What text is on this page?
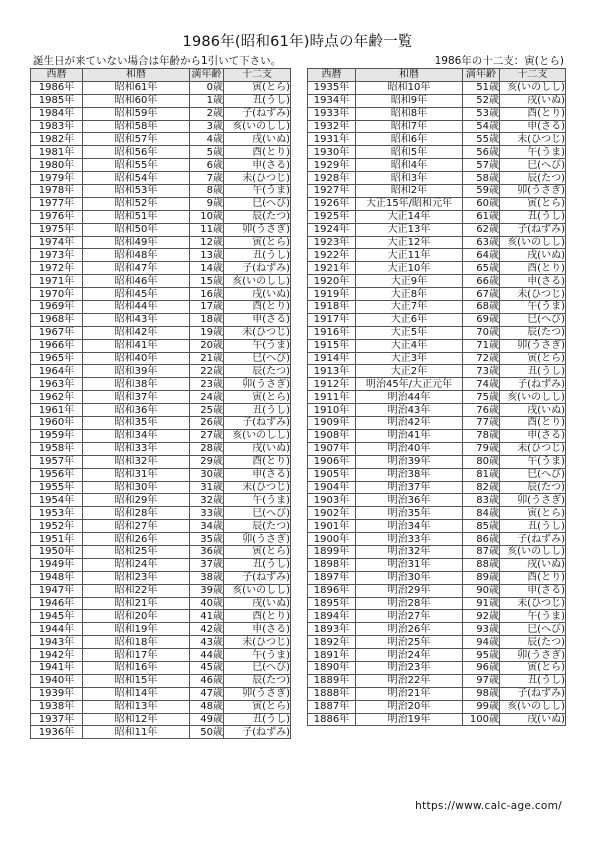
1986年(昭和61年)時点の年齢一覧
誕生日が来ていない場合は年齢から1引いて下さい。	1986年の十二支：寅(とら)
西暦	和暦	満年齢	十二支
1986年	昭和61年	0歳	寅(とら)
1985年	昭和60年	1歳	丑(うし)
1984年	昭和59年	2歳	子(ねずみ)
1983年	昭和58年	3歳	亥(いのしし)
1982年	昭和57年	4歳	戌(いぬ)
1981年	昭和56年	5歳	酉(とり)
1980年	昭和55年	6歳	申(さる)
1979年	昭和54年	7歳	未(ひつじ)
1978年	昭和53年	8歳	午(うま)
1977年	昭和52年	9歳	巳(へび)
1976年	昭和51年	10歳	辰(たつ)
1975年	昭和50年	11歳	卯(うさぎ)
1974年	昭和49年	12歳	寅(とら)
1973年	昭和48年	13歳	丑(うし)
1972年	昭和47年	14歳	子(ねずみ)
1971年	昭和46年	15歳	亥(いのしし)
1970年	昭和45年	16歳	戌(いぬ)
1969年	昭和44年	17歳	酉(とり)
1968年	昭和43年	18歳	申(さる)
1967年	昭和42年	19歳	未(ひつじ)
1966年	昭和41年	20歳	午(うま)
1965年	昭和40年	21歳	巳(へび)
1964年	昭和39年	22歳	辰(たつ)
1963年	昭和38年	23歳	卯(うさぎ)
1962年	昭和37年	24歳	寅(とら)
1961年	昭和36年	25歳	丑(うし)
1960年	昭和35年	26歳	子(ねずみ)
1959年	昭和34年	27歳	亥(いのしし)
1958年	昭和33年	28歳	戌(いぬ)
1957年	昭和32年	29歳	酉(とり)
1956年	昭和31年	30歳	申(さる)
1955年	昭和30年	31歳	未(ひつじ)
1954年	昭和29年	32歳	午(うま)
1953年	昭和28年	33歳	巳(へび)
1952年	昭和27年	34歳	辰(たつ)
1951年	昭和26年	35歳	卯(うさぎ)
1950年	昭和25年	36歳	寅(とら)
1949年	昭和24年	37歳	丑(うし)
1948年	昭和23年	38歳	子(ねずみ)
1947年	昭和22年	39歳	亥(いのしし)
1946年	昭和21年	40歳	戌(いぬ)
1945年	昭和20年	41歳	酉(とり)
1944年	昭和19年	42歳	申(さる)
1943年	昭和18年	43歳	未(ひつじ)
1942年	昭和17年	44歳	午(うま)
1941年	昭和16年	45歳	巳(へび)
1940年	昭和15年	46歳	辰(たつ)
1939年	昭和14年	47歳	卯(うさぎ)
1938年	昭和13年	48歳	寅(とら)
1937年	昭和12年	49歳	丑(うし)
1936年	昭和11年	50歳	子(ねずみ)
西暦	和暦	満年齢	十二支
1935年	昭和10年	51歳	亥(いのしし)
1934年	昭和9年	52歳	戌(いぬ)
1933年	昭和8年	53歳	酉(とり)
1932年	昭和7年	54歳	申(さる)
1931年	昭和6年	55歳	未(ひつじ)
1930年	昭和5年	56歳	午(うま)
1929年	昭和4年	57歳	巳(へび)
1928年	昭和3年	58歳	辰(たつ)
1927年	昭和2年	59歳	卯(うさぎ)
1926年	大正15年/昭和元年	60歳	寅(とら)
1925年	大正14年	61歳	丑(うし)
1924年	大正13年	62歳	子(ねずみ)
1923年	大正12年	63歳	亥(いのしし)
1922年	大正11年	64歳	戌(いぬ)
1921年	大正10年	65歳	酉(とり)
1920年	大正9年	66歳	申(さる)
1919年	大正8年	67歳	未(ひつじ)
1918年	大正7年	68歳	午(うま)
1917年	大正6年	69歳	巳(へび)
1916年	大正5年	70歳	辰(たつ)
1915年	大正4年	71歳	卯(うさぎ)
1914年	大正3年	72歳	寅(とら)
1913年	大正2年	73歳	丑(うし)
1912年	明治45年/大正元年	74歳	子(ねずみ)
1911年	明治44年	75歳	亥(いのしし)
1910年	明治43年	76歳	戌(いぬ)
1909年	明治42年	77歳	酉(とり)
1908年	明治41年	78歳	申(さる)
1907年	明治40年	79歳	未(ひつじ)
1906年	明治39年	80歳	午(うま)
1905年	明治38年	81歳	巳(へび)
1904年	明治37年	82歳	辰(たつ)
1903年	明治36年	83歳	卯(うさぎ)
1902年	明治35年	84歳	寅(とら)
1901年	明治34年	85歳	丑(うし)
1900年	明治33年	86歳	子(ねずみ)
1899年	明治32年	87歳	亥(いのしし)
1898年	明治31年	88歳	戌(いぬ)
1897年	明治30年	89歳	酉(とり)
1896年	明治29年	90歳	申(さる)
1895年	明治28年	91歳	未(ひつじ)
1894年	明治27年	92歳	午(うま)
1893年	明治26年	93歳	巳(へび)
1892年	明治25年	94歳	辰(たつ)
1891年	明治24年	95歳	卯(うさぎ)
1890年	明治23年	96歳	寅(とら)
1889年	明治22年	97歳	丑(うし)
1888年	明治21年	98歳	子(ねずみ)
1887年	明治20年	99歳	亥(いのしし)
1886年	明治19年	100歳	戌(いぬ)
https://www.calc-age.com/
